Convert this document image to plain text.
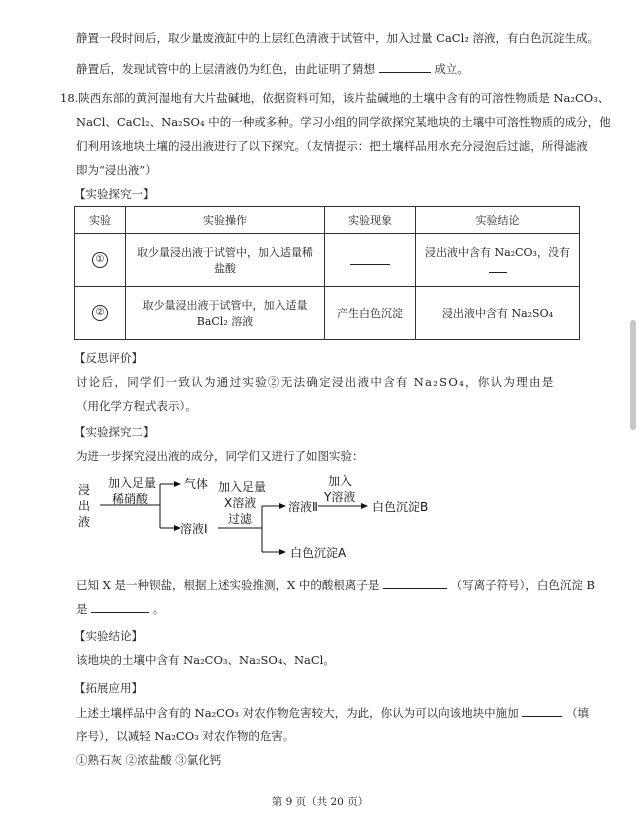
静置一段时间后，取少量废液缸中的上层红色清液于试管中，加入过量 CaCl₂ 溶液，有白色沉淀生成。
静置后，发现试管中的上层清液仍为红色，由此证明了猜想	成立。
18.陕西东部的黄河湿地有大片盐碱地，依据资料可知，该片盐碱地的土壤中含有的可溶性物质是 Na₂CO₃、
NaCl、CaCl₂、Na₂SO₄ 中的一种或多种。学习小组的同学欲探究某地块的土壤中可溶性物质的成分，他
们利用该地块土壤的浸出液进行了以下探究。（友情提示：把土壤样品用水充分浸泡后过滤，所得滤液
即为“浸出液”）
【实验探究一】
实验	实验操作	实验现象	实验结论
①	取少量浸出液于试管中，加入适量稀
盐酸		浸出液中含有 Na₂CO₃，没有
②	取少量浸出液于试管中，加入适量
BaCl₂ 溶液	产生白色沉淀	浸出液中含有 Na₂SO₄
【反思评价】
讨论后，同学们一致认为通过实验②无法确定浸出液中含有 Na₂SO₄，你认为理由是
（用化学方程式表示）。
【实验探究二】
为进一步探究浸出液的成分，同学们又进行了如图实验：
浸出液
加入足量
稀硝酸
气体
溶液Ⅰ
加入足量
X溶液
过滤
溶液Ⅱ
加入
Y溶液
白色沉淀B
白色沉淀A
已知 X 是一种钡盐，根据上述实验推测，X 中的酸根离子是	（写离子符号），白色沉淀 B
是	。
【实验结论】
该地块的土壤中含有 Na₂CO₃、Na₂SO₄、NaCl。
【拓展应用】
上述土壤样品中含有的 Na₂CO₃ 对农作物危害较大，为此，你认为可以向该地块中施加	（填
序号），以减轻 Na₂CO₃ 对农作物的危害。
①熟石灰 ②浓盐酸 ③氯化钙
第 9 页（共 20 页）
